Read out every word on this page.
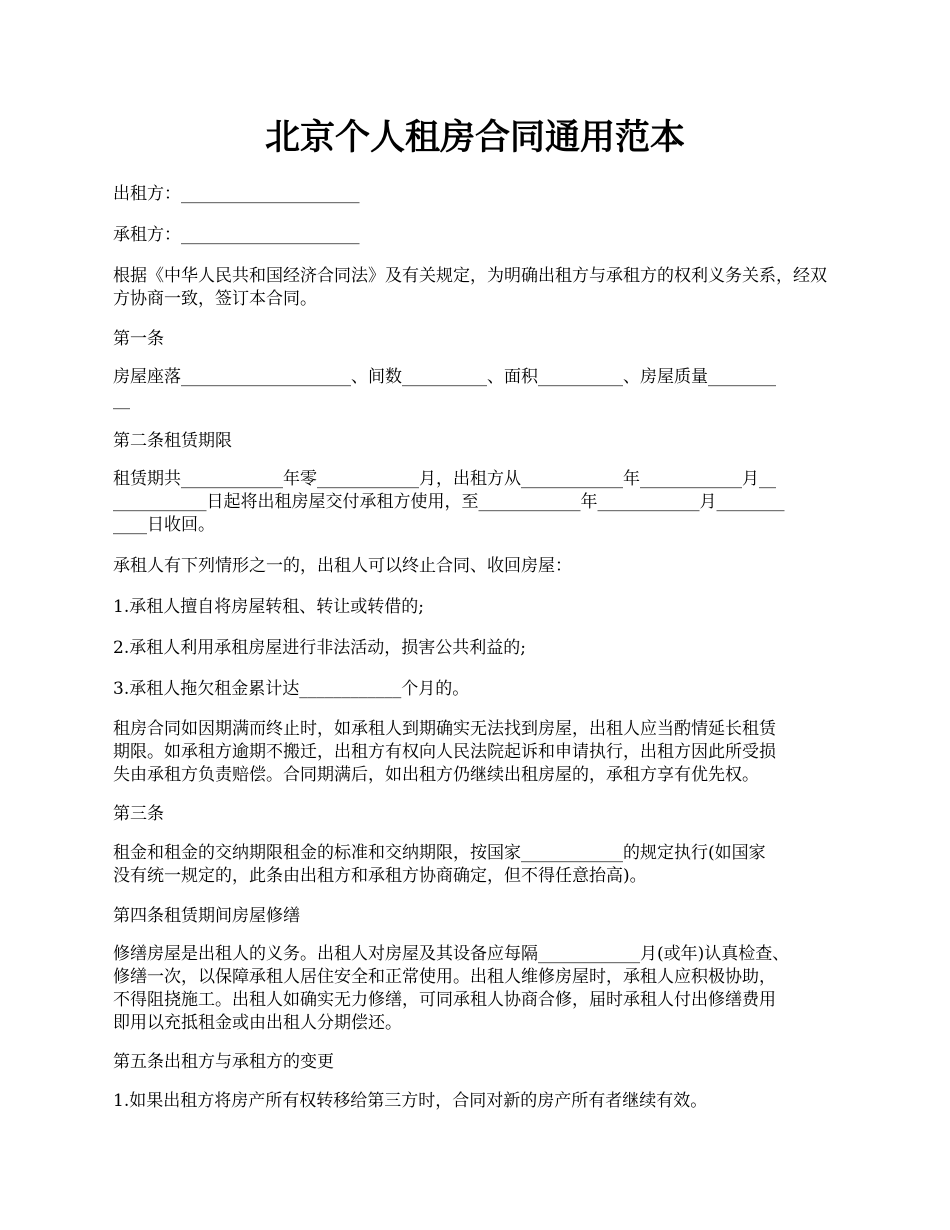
北京个人租房合同通用范本

出租方：_____________________

承租方：_____________________

根据《中华人民共和国经济合同法》及有关规定，为明确出租方与承租方的权利义务关系，经双方协商一致，签订本合同。

第一条

房屋座落____________________、间数__________、面积__________、房屋质量________

__

第二条租赁期限

租赁期共____________年零____________月，出租方从____________年____________月__

___________日起将出租房屋交付承租方使用，至____________年____________月________

____日收回。

承租人有下列情形之一的，出租人可以终止合同、收回房屋：

1.承租人擅自将房屋转租、转让或转借的;

2.承租人利用承租房屋进行非法活动，损害公共利益的;

3.承租人拖欠租金累计达____________个月的。

租房合同如因期满而终止时，如承租人到期确实无法找到房屋，出租人应当酌情延长租赁

期限。如承租方逾期不搬迁，出租方有权向人民法院起诉和申请执行，出租方因此所受损

失由承租方负责赔偿。合同期满后，如出租方仍继续出租房屋的，承租方享有优先权。

第三条

租金和租金的交纳期限租金的标准和交纳期限，按国家____________的规定执行(如国家

没有统一规定的，此条由出租方和承租方协商确定，但不得任意抬高)。

第四条租赁期间房屋修缮

修缮房屋是出租人的义务。出租人对房屋及其设备应每隔____________月(或年)认真检查、

修缮一次，以保障承租人居住安全和正常使用。出租人维修房屋时，承租人应积极协助，

不得阻挠施工。出租人如确实无力修缮，可同承租人协商合修，届时承租人付出修缮费用

即用以充抵租金或由出租人分期偿还。

第五条出租方与承租方的变更

1.如果出租方将房产所有权转移给第三方时，合同对新的房产所有者继续有效。
